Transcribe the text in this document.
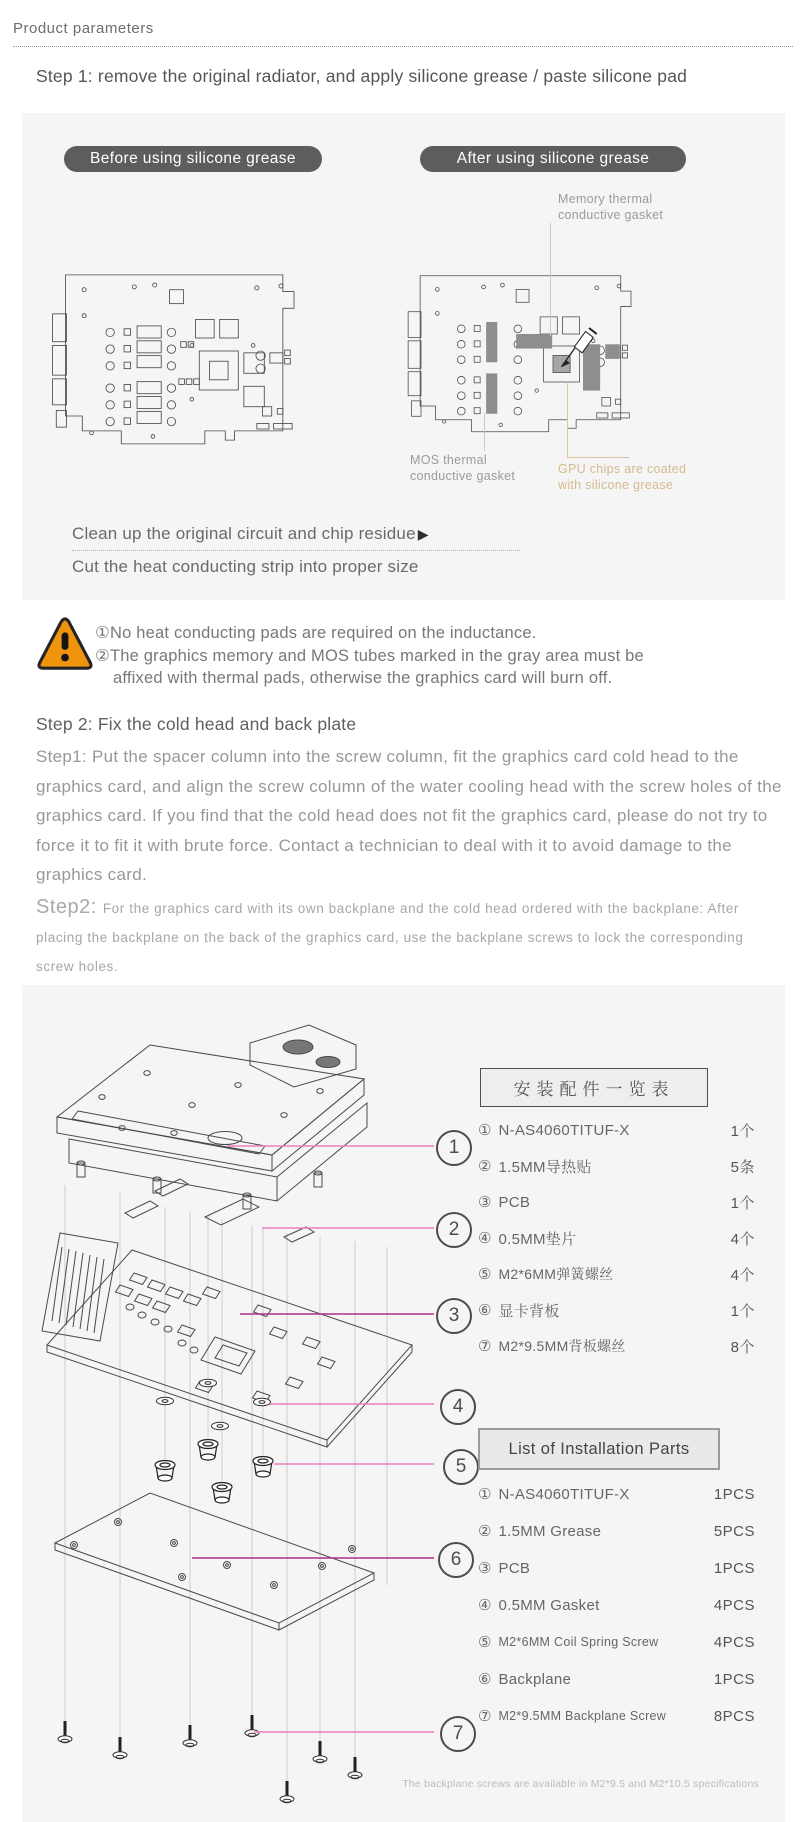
Product parameters
Step 1: remove the original radiator, and apply silicone grease / paste silicone pad
Before using silicone grease	After using silicone grease
Memory thermal conductive gasket
MOS thermal conductive gasket	GPU chips are coated with silicone grease
Clean up the original circuit and chip residue ▶
Cut the heat conducting strip into proper size
①No heat conducting pads are required on the inductance.
②The graphics memory and MOS tubes marked in the gray area must be
affixed with thermal pads, otherwise the graphics card will burn off.
Step 2: Fix the cold head and back plate
Step1: Put the spacer column into the screw column, fit the graphics card cold head to the graphics card, and align the screw column of the water cooling head with the screw holes of the graphics card. If you find that the cold head does not fit the graphics card, please do not try to force it to fit it with brute force. Contact a technician to deal with it to avoid damage to the graphics card.
Step2: For the graphics card with its own backplane and the cold head ordered with the backplane: After placing the backplane on the back of the graphics card, use the backplane screws to lock the corresponding screw holes.
1
2
3
4
5
6
7
安装配件一览表
① N-AS4060TITUF-X	1个
② 1.5MM导热贴	5条
③ PCB	1个
④ 0.5MM垫片	4个
⑤ M2*6MM弹簧螺丝	4个
⑥ 显卡背板	1个
⑦ M2*9.5MM背板螺丝	8个
List of Installation Parts
① N-AS4060TITUF-X	1PCS
② 1.5MM Grease	5PCS
③ PCB	1PCS
④ 0.5MM Gasket	4PCS
⑤ M2*6MM Coil Spring Screw	4PCS
⑥ Backplane	1PCS
⑦ M2*9.5MM Backplane Screw	8PCS
The backplane screws are available in M2*9.5 and M2*10.5 specifications
